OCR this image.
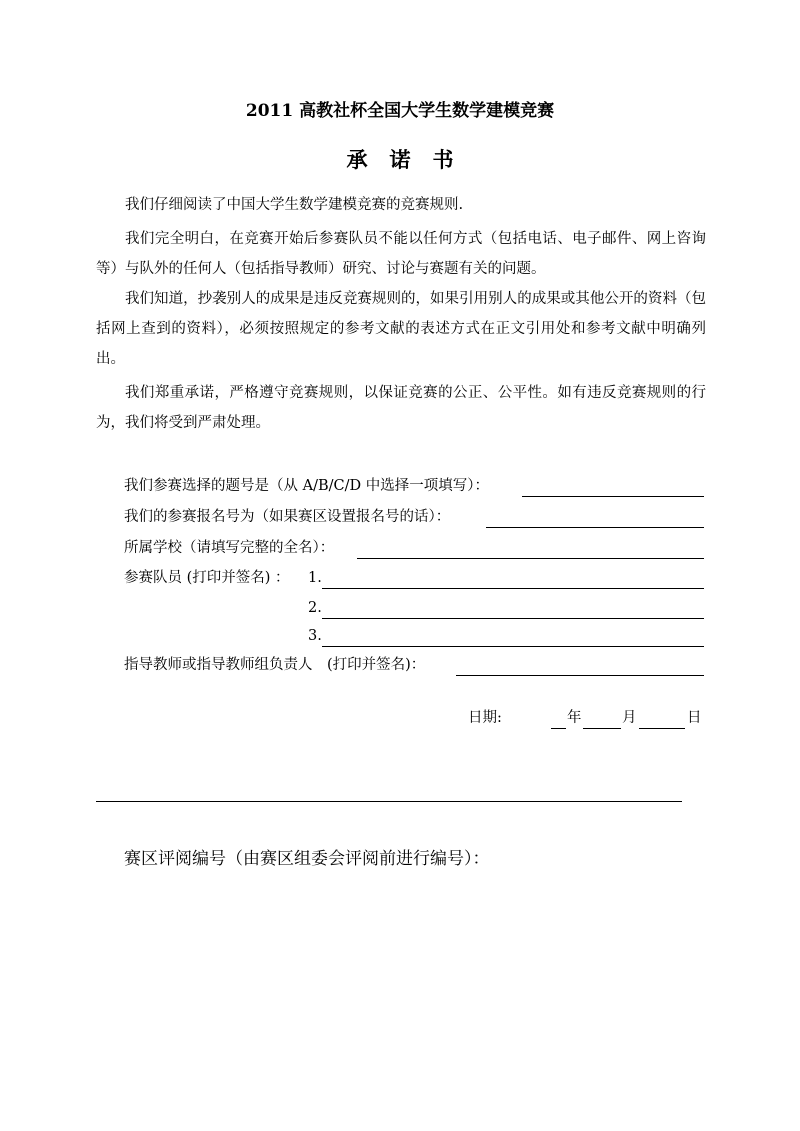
2011 高教社杯全国大学生数学建模竞赛
承诺书
我们仔细阅读了中国大学生数学建模竞赛的竞赛规则.
我们完全明白，在竞赛开始后参赛队员不能以任何方式（包括电话、电子邮件、网上咨询等）与队外的任何人（包括指导教师）研究、讨论与赛题有关的问题。
我们知道，抄袭别人的成果是违反竞赛规则的，如果引用别人的成果或其他公开的资料（包括网上查到的资料），必须按照规定的参考文献的表述方式在正文引用处和参考文献中明确列出。
我们郑重承诺，严格遵守竞赛规则，以保证竞赛的公正、公平性。如有违反竞赛规则的行为，我们将受到严肃处理。
我们参赛选择的题号是（从 A/B/C/D 中选择一项填写）：
我们的参赛报名号为（如果赛区设置报名号的话）：
所属学校（请填写完整的全名）：
参赛队员 (打印并签名) ： 1.
2.
3.
指导教师或指导教师组负责人　(打印并签名)：
日期:	年	月	日
赛区评阅编号（由赛区组委会评阅前进行编号）：
